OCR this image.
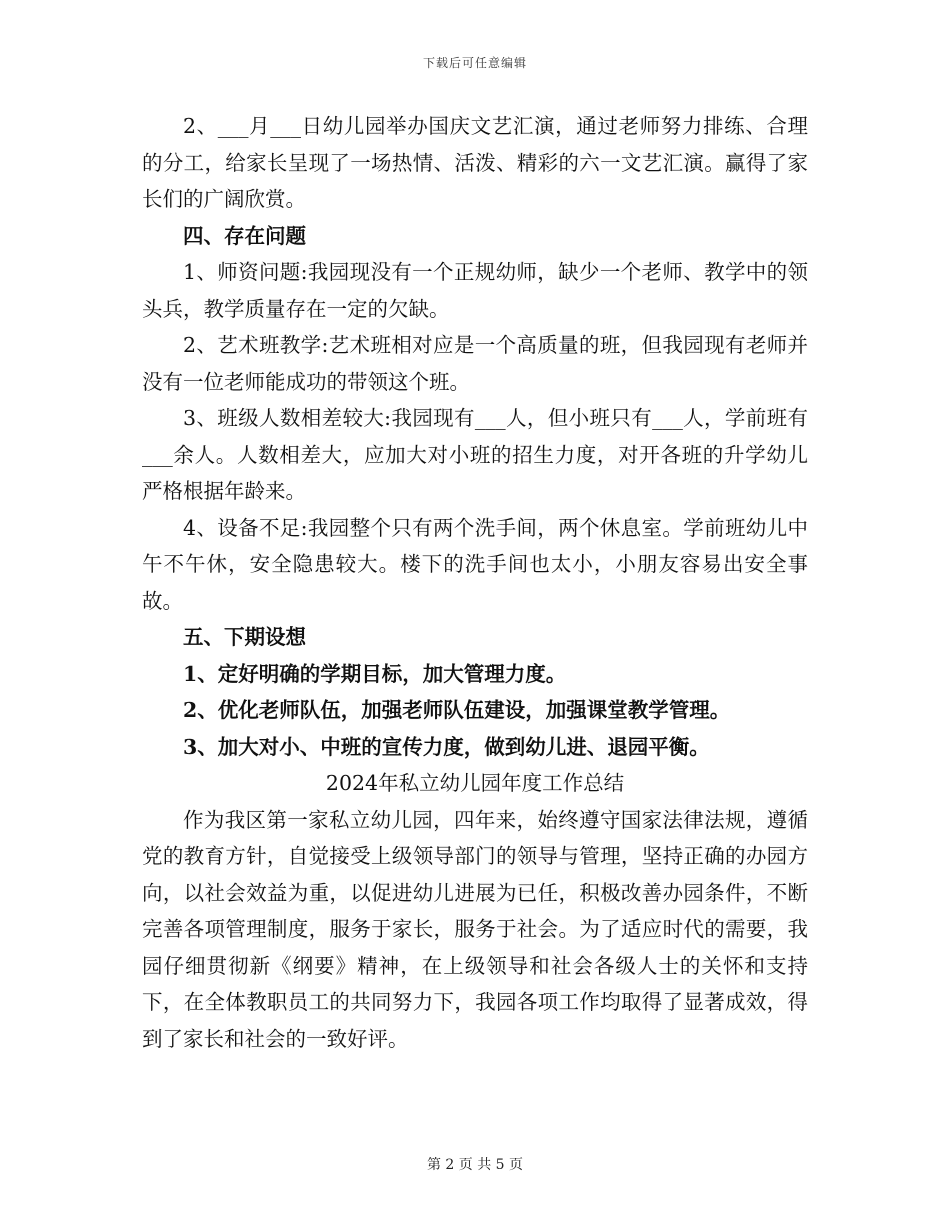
下载后可任意编辑

2、___月___日幼儿园举办国庆文艺汇演，通过老师努力排练、合理的分工，给家长呈现了一场热情、活泼、精彩的六一文艺汇演。赢得了家长们的广阔欣赏。

四、存在问题

1、师资问题:我园现没有一个正规幼师，缺少一个老师、教学中的领头兵，教学质量存在一定的欠缺。

2、艺术班教学:艺术班相对应是一个高质量的班，但我园现有老师并没有一位老师能成功的带领这个班。

3、班级人数相差较大:我园现有___人，但小班只有___人，学前班有___余人。人数相差大，应加大对小班的招生力度，对开各班的升学幼儿严格根据年龄来。

4、设备不足:我园整个只有两个洗手间，两个休息室。学前班幼儿中午不午休，安全隐患较大。楼下的洗手间也太小，小朋友容易出安全事故。

五、下期设想

1、定好明确的学期目标，加大管理力度。

2、优化老师队伍，加强老师队伍建设，加强课堂教学管理。

3、加大对小、中班的宣传力度，做到幼儿进、退园平衡。

2024年私立幼儿园年度工作总结

作为我区第一家私立幼儿园，四年来，始终遵守国家法律法规，遵循党的教育方针，自觉接受上级领导部门的领导与管理，坚持正确的办园方向，以社会效益为重，以促进幼儿进展为已任，积极改善办园条件，不断完善各项管理制度，服务于家长，服务于社会。为了适应时代的需要，我园仔细贯彻新《纲要》精神，在上级领导和社会各级人士的关怀和支持下，在全体教职员工的共同努力下，我园各项工作均取得了显著成效，得到了家长和社会的一致好评。

第 2 页 共 5 页
